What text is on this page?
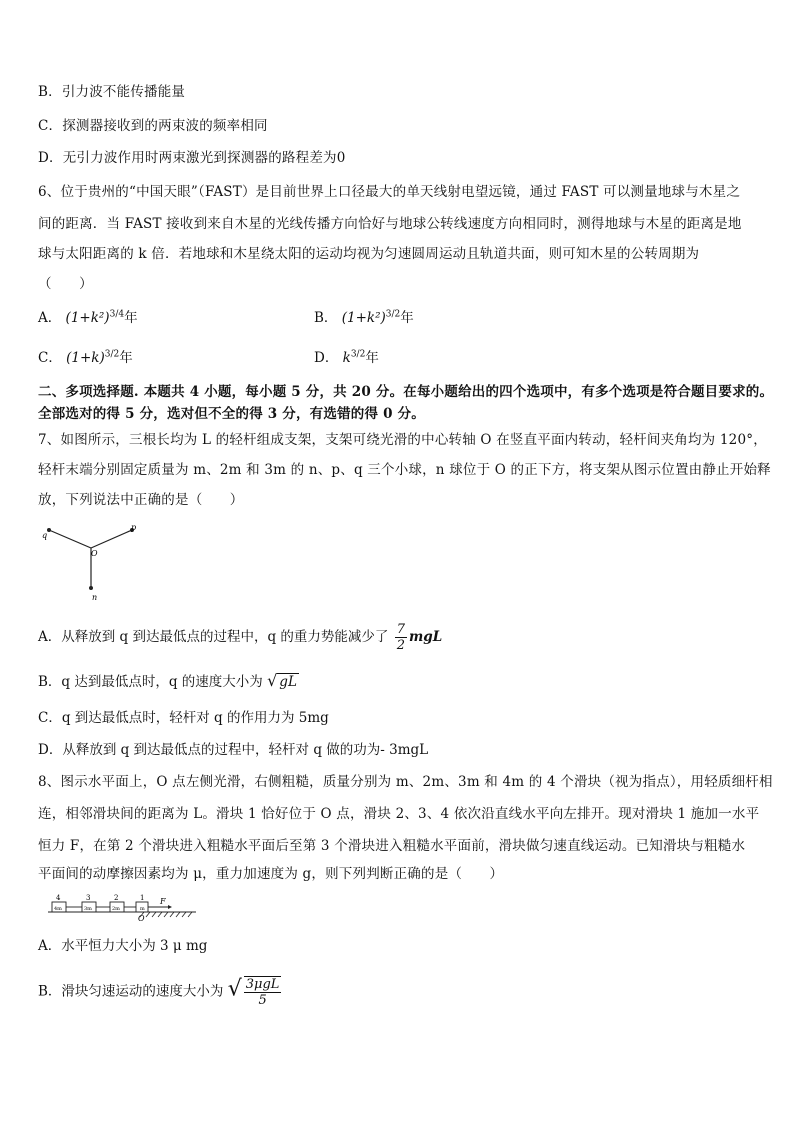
B．引力波不能传播能量
C．探测器接收到的两束波的频率相同
D．无引力波作用时两束激光到探测器的路程差为0
6、位于贵州的“中国天眼”（FAST）是目前世界上口径最大的单天线射电望远镜，通过 FAST 可以测量地球与木星之
间的距离．当 FAST 接收到来自木星的光线传播方向恰好与地球公转线速度方向相同时，测得地球与木星的距离是地
球与太阳距离的 k 倍．若地球和木星绕太阳的运动均视为匀速圆周运动且轨道共面，则可知木星的公转周期为
（　　）
A． $(1+k^2)^{3/4}$年	B． $(1+k^2)^{3/2}$年
C． $(1+k)^{3/2}$年	D． $k^{3/2}$年
二、多项选择题. 本题共 4 小题，每小题 5 分，共 20 分。在每小题给出的四个选项中，有多个选项是符合题目要求的。
全部选对的得 5 分，选对但不全的得 3 分，有选错的得 0 分。
7、如图所示，三根长均为 L 的轻杆组成支架，支架可绕光滑的中心转轴 O 在竖直平面内转动，轻杆间夹角均为 120°，
轻杆末端分别固定质量为 m、2m 和 3m 的 n、p、q 三个小球，n 球位于 O 的正下方，将支架从图示位置由静止开始释
放，下列说法中正确的是（　　）
q
p
O
n
A．从释放到 q 到达最低点的过程中，q 的重力势能减少了 $\frac{7}{2}$ mgL
B．q 达到最低点时，q 的速度大小为 √ gL
C．q 到达最低点时，轻杆对 q 的作用力为 5mg
D．从释放到 q 到达最低点的过程中，轻杆对 q 做的功为- 3mgL
8、图示水平面上，O 点左侧光滑，右侧粗糙，质量分别为 m、2m、3m 和 4m 的 4 个滑块（视为指点），用轻质细杆相
连，相邻滑块间的距离为 L。滑块 1 恰好位于 O 点，滑块 2、3、4 依次沿直线水平向左排开。现对滑块 1 施加一水平
恒力 F，在第 2 个滑块进入粗糙水平面后至第 3 个滑块进入粗糙水平面前，滑块做匀速直线运动。已知滑块与粗糙水
平面间的动摩擦因素均为 μ，重力加速度为 g，则下列判断正确的是（　　）
4	3	2	1
4m	3m	2m	m
O
F
A．水平恒力大小为 3 μ mg
B．滑块匀速运动的速度大小为 √ $\frac{\text{3μgL}}{5}$
